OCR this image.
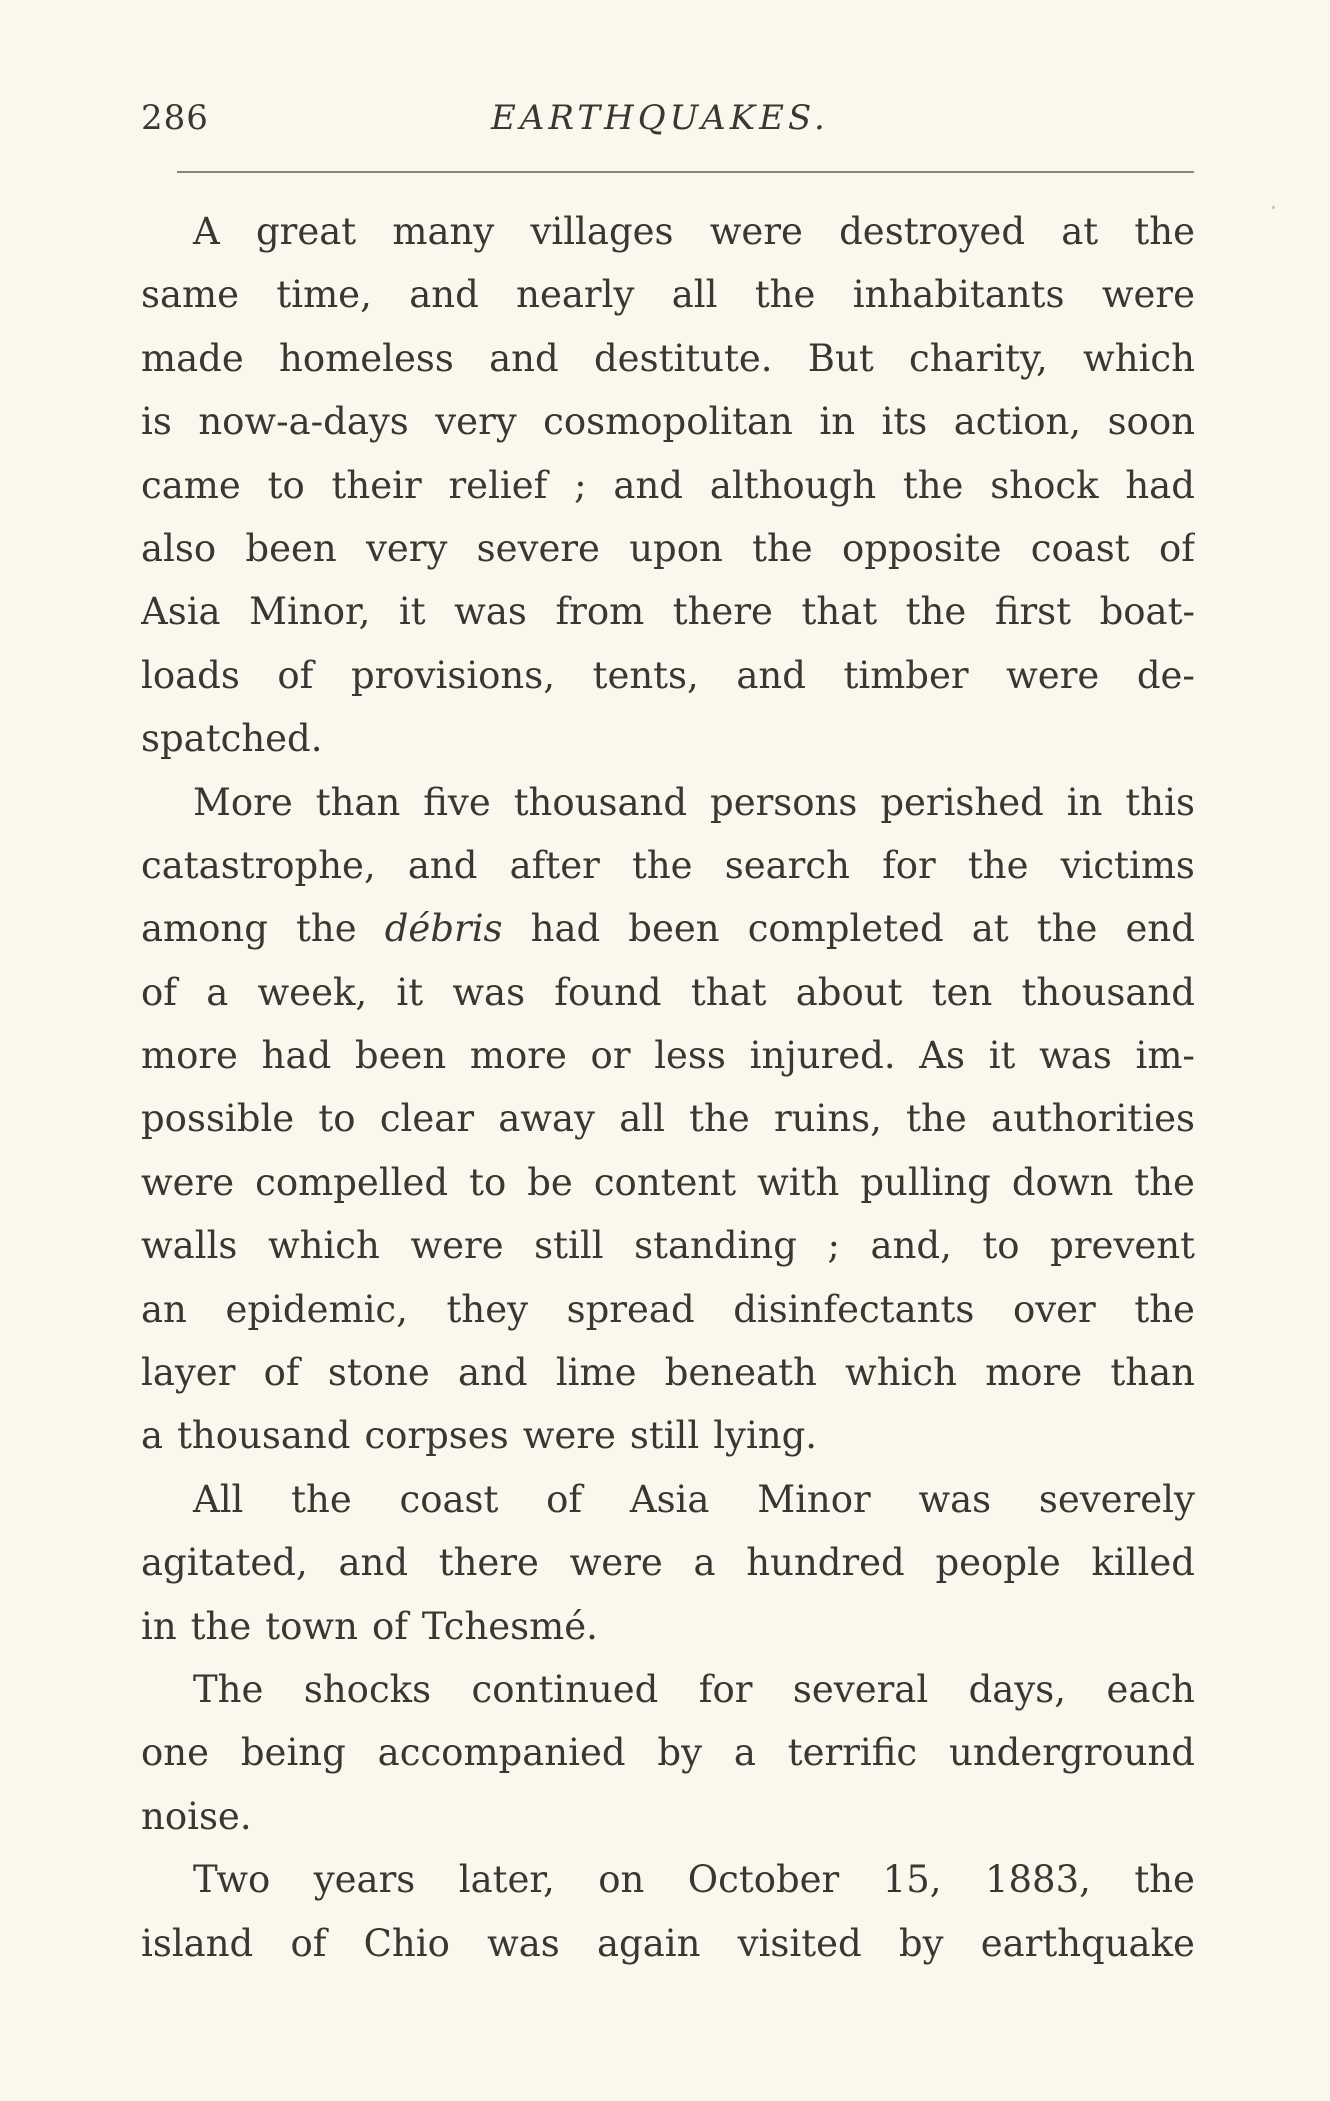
286	EARTHQUAKES.
A great many villages were destroyed at the
same time, and nearly all the inhabitants were
made homeless and destitute. But charity, which
is now-a-days very cosmopolitan in its action, soon
came to their relief ; and although the shock had
also been very severe upon the opposite coast of
Asia Minor, it was from there that the first boat-
loads of provisions, tents, and timber were de-
spatched.
More than five thousand persons perished in this
catastrophe, and after the search for the victims
among the débris had been completed at the end
of a week, it was found that about ten thousand
more had been more or less injured. As it was im-
possible to clear away all the ruins, the authorities
were compelled to be content with pulling down the
walls which were still standing ; and, to prevent
an epidemic, they spread disinfectants over the
layer of stone and lime beneath which more than
a thousand corpses were still lying.
All the coast of Asia Minor was severely
agitated, and there were a hundred people killed
in the town of Tchesmé.
The shocks continued for several days, each
one being accompanied by a terrific underground
noise.
Two years later, on October 15, 1883, the
island of Chio was again visited by earthquake
